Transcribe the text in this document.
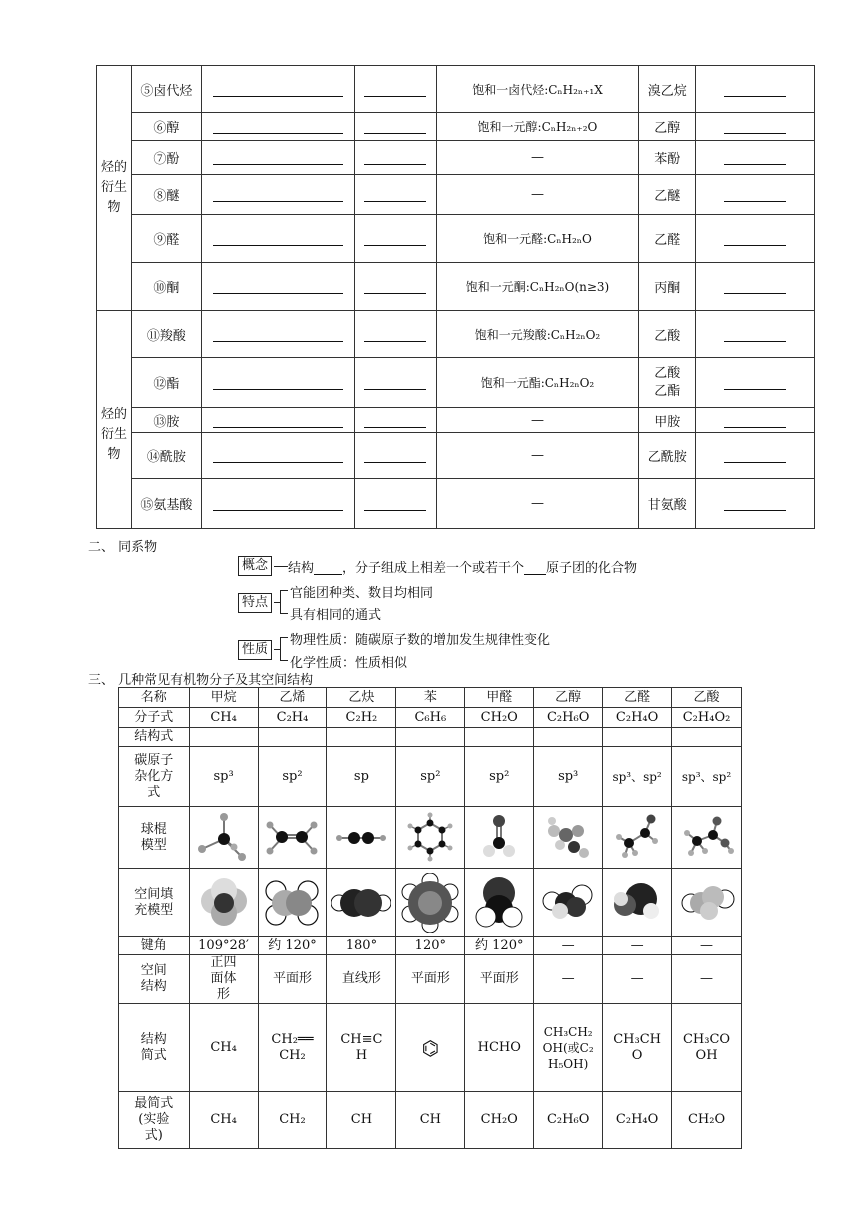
烃的衍生物	⑤卤代烃			饱和一卤代烃:CₙH₂ₙ₊₁X	溴乙烷	
	⑥醇			饱和一元醇:CₙH₂ₙ₊₂O	乙醇	
	⑦酚			—	苯酚	
	⑧醚			—	乙醚	
	⑨醛			饱和一元醛:CₙH₂ₙO	乙醛	
	⑩酮			饱和一元酮:CₙH₂ₙO(n≥3)	丙酮	

烃的衍生物	⑪羧酸			饱和一元羧酸:CₙH₂ₙO₂	乙酸	
	⑫酯			饱和一元酯:CₙH₂ₙO₂	乙酸乙酯	

	⑬胺			—	甲胺	
	⑭酰胺			—	乙酰胺	
	⑮氨基酸			—	甘氨酸	
二、 同系物
概念	结构 ，分子组成上相差一个或若干个 原子团的化合物
特点
官能团种类、数目均相同
具有相同的通式
性质
物理性质：随碳原子数的增加发生规律性变化
化学性质：性质相似
三、 几种常见有机物分子及其空间结构
名称	甲烷	乙烯	乙炔	苯	甲醛	乙醇	乙醛	乙酸
分子式	CH₄	C₂H₄	C₂H₂	C₆H₆	CH₂O	C₂H₆O	C₂H₄O	C₂H₄O₂
结构式								

碳原子杂化方式	sp³	sp²	sp	sp²	sp²	sp³	sp³、sp²	sp³、sp²

球棍模型

空间填充模型

键角	109°28′	约 120°	180°	120°	约 120°	—	—	—

空间结构	正四面体形	平面形	直线形	平面形	平面形	—	—	—

结构简式	CH₄	CH₂══CH₂	CH≡CH	⌬	HCHO	CH₃CH₂OH(或C₂H₅OH)	CH₃CHO	CH₃COOH

最简式(实验式)	CH₄	CH₂	CH	CH	CH₂O	C₂H₆O	C₂H₄O	CH₂O
